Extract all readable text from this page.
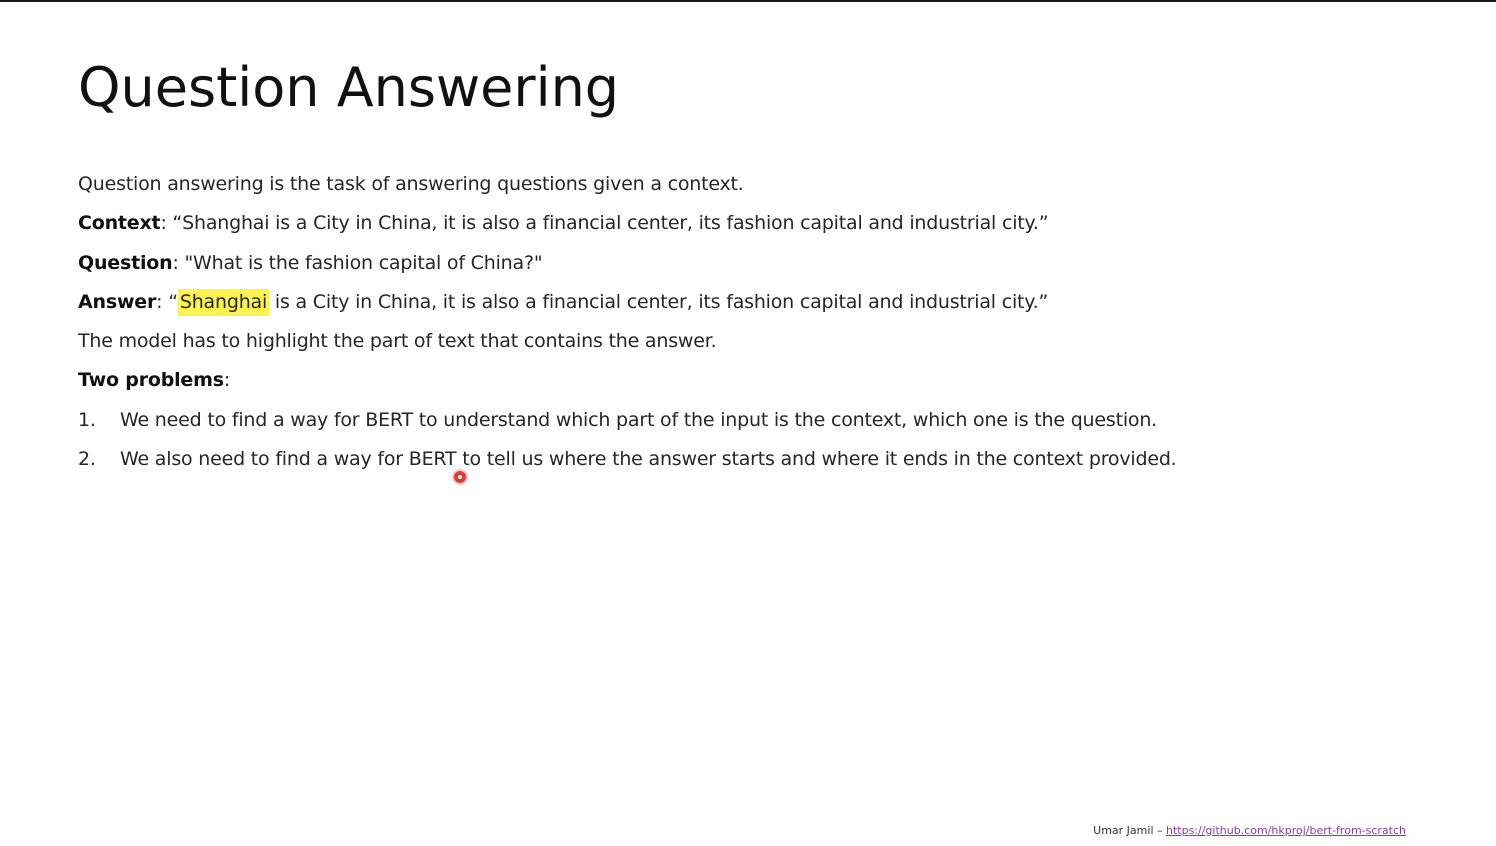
Question Answering
Question answering is the task of answering questions given a context.
Context: “Shanghai is a City in China, it is also a financial center, its fashion capital and industrial city.”
Question: "What is the fashion capital of China?"
Answer: “ Shanghai is a City in China, it is also a financial center, its fashion capital and industrial city.”
The model has to highlight the part of text that contains the answer.
Two problems:
1. We need to find a way for BERT to understand which part of the input is the context, which one is the question.
2. We also need to find a way for BERT to tell us where the answer starts and where it ends in the context provided.
Umar Jamil – https://github.com/hkproj/bert-from-scratch
